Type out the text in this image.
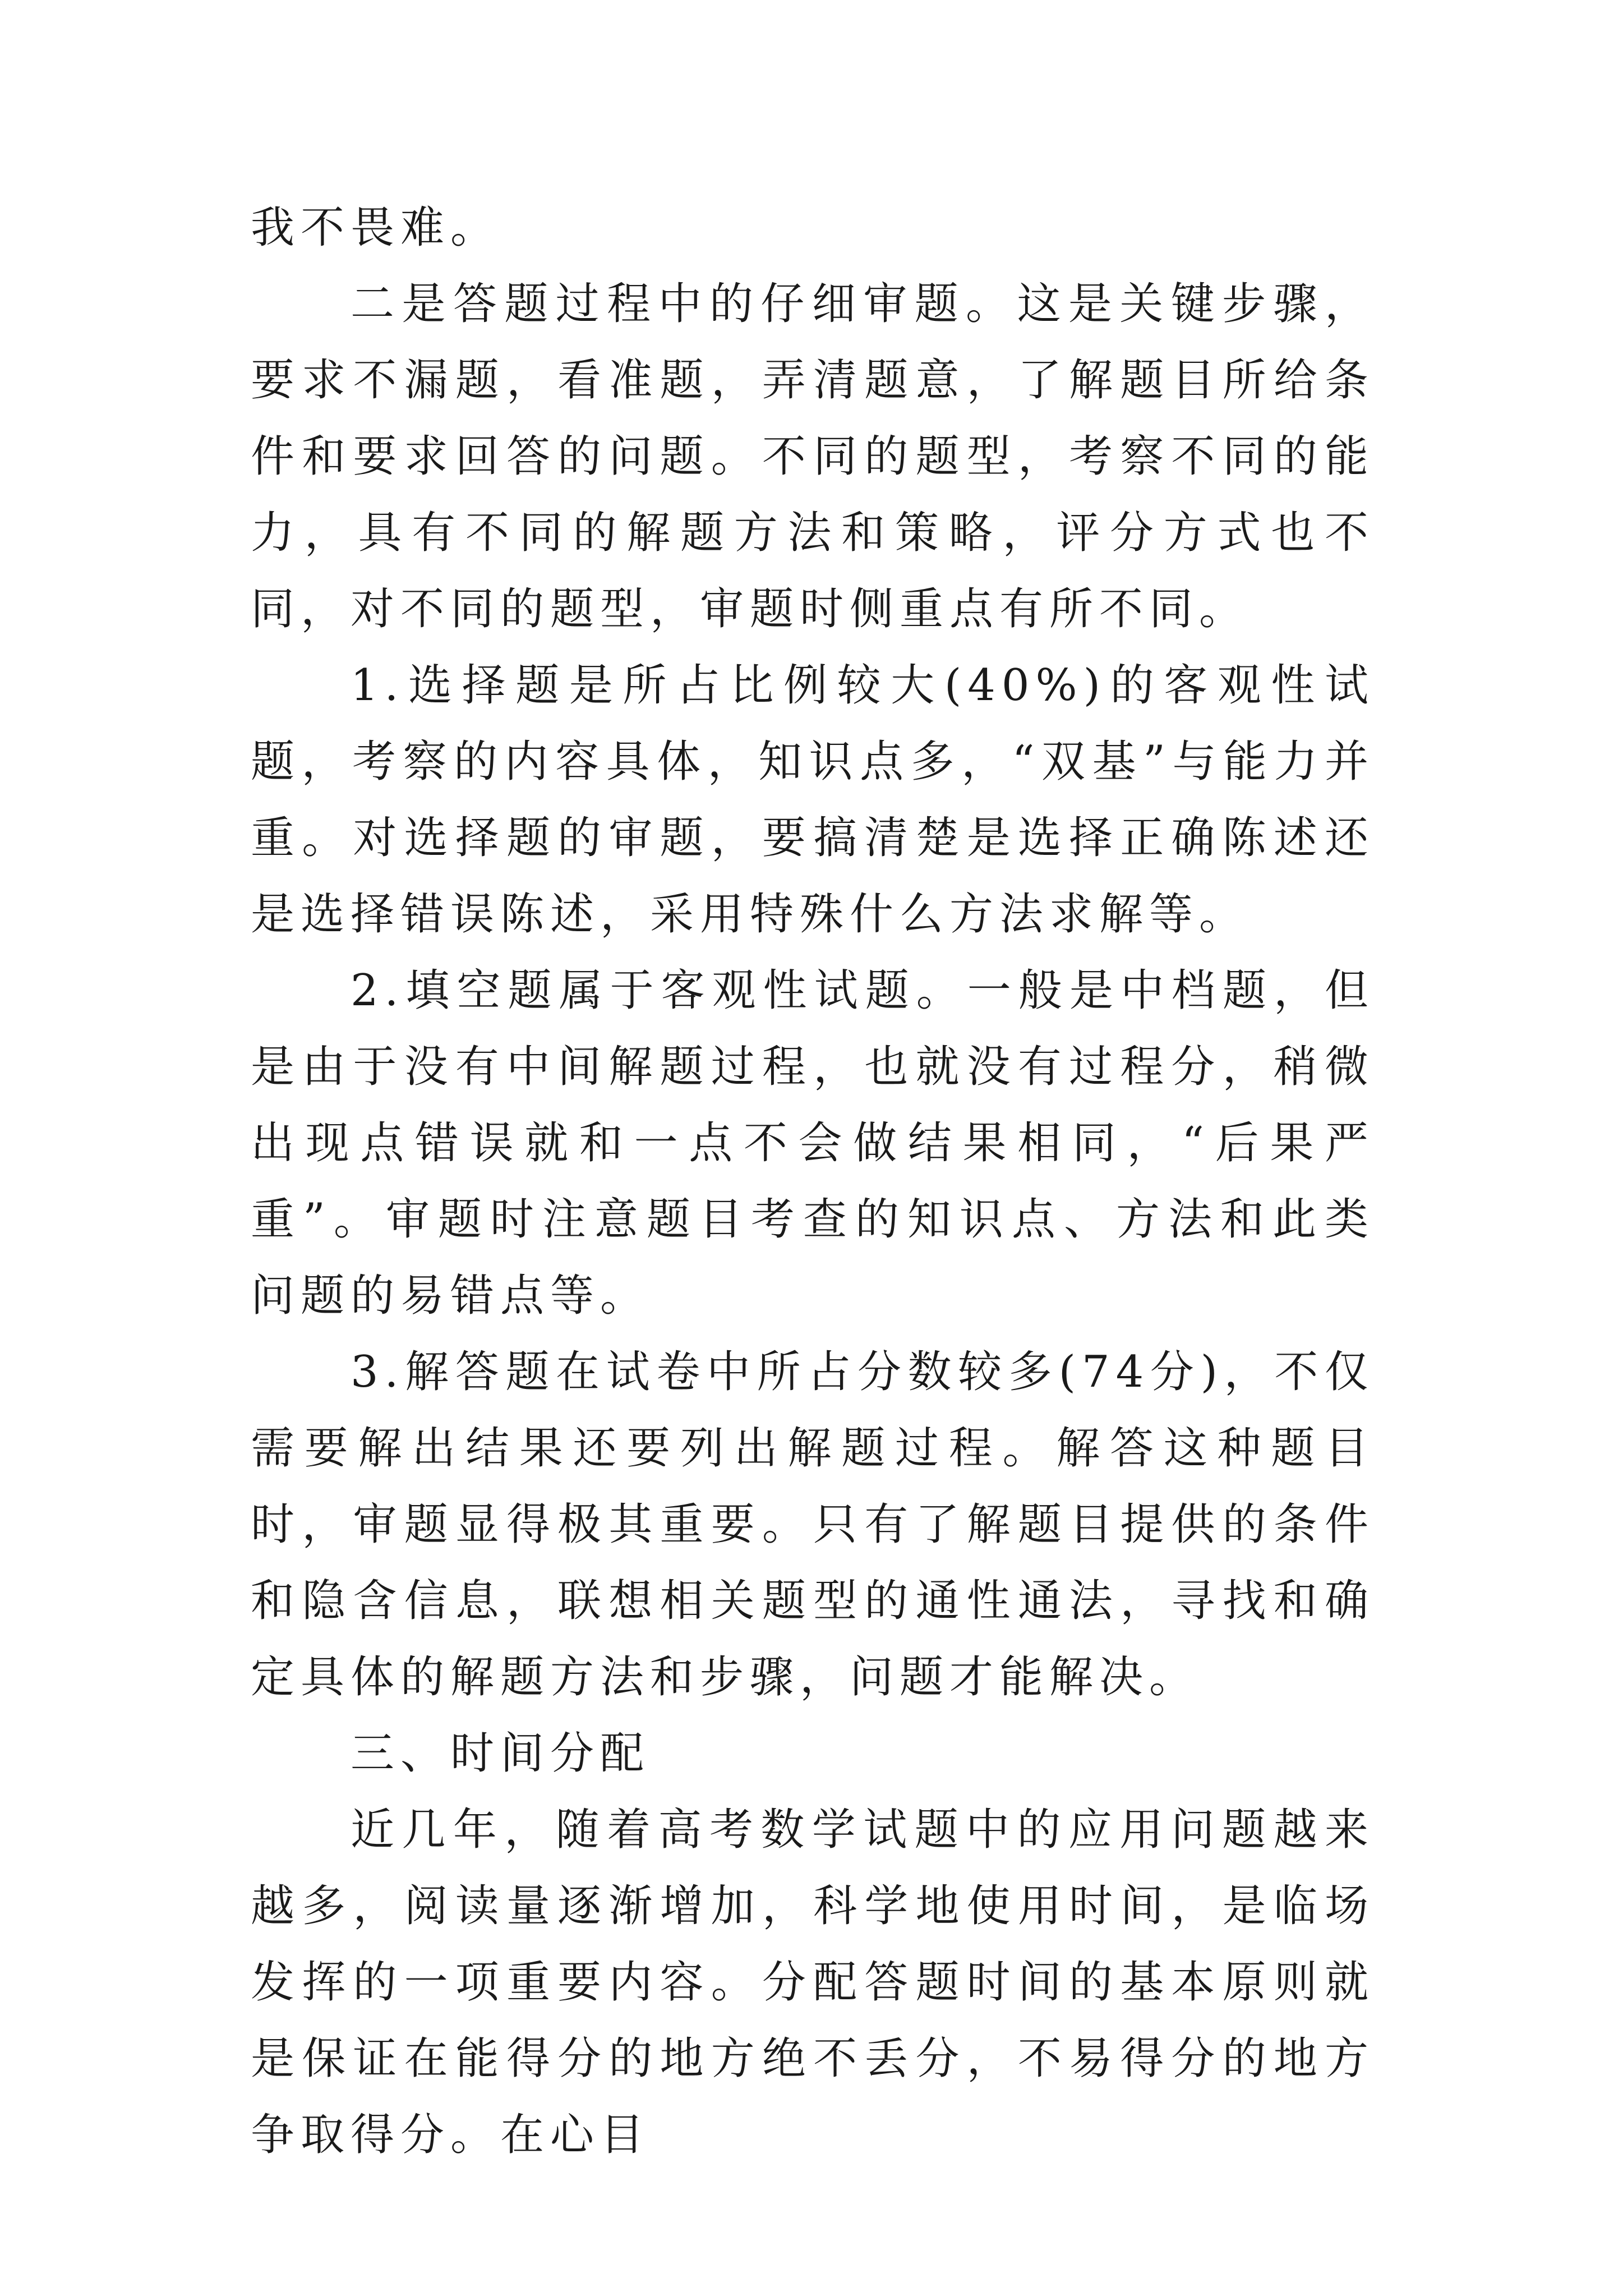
我不畏难。

二是答题过程中的仔细审题。这是关键步骤，要求不漏题，看准题，弄清题意，了解题目所给条件和要求回答的问题。不同的题型，考察不同的能力，具有不同的解题方法和策略，评分方式也不同，对不同的题型，审题时侧重点有所不同。

1.选择题是所占比例较大(40%)的客观性试题，考察的内容具体，知识点多，“双基”与能力并重。对选择题的审题，要搞清楚是选择正确陈述还是选择错误陈述，采用特殊什么方法求解等。

2.填空题属于客观性试题。一般是中档题，但是由于没有中间解题过程，也就没有过程分，稍微出现点错误就和一点不会做结果相同，“后果严重”。审题时注意题目考查的知识点、方法和此类问题的易错点等。

3.解答题在试卷中所占分数较多(74分)，不仅需要解出结果还要列出解题过程。解答这种题目时，审题显得极其重要。只有了解题目提供的条件和隐含信息，联想相关题型的通性通法，寻找和确定具体的解题方法和步骤，问题才能解决。

三、时间分配

近几年，随着高考数学试题中的应用问题越来越多，阅读量逐渐增加，科学地使用时间，是临场发挥的一项重要内容。分配答题时间的基本原则就是保证在能得分的地方绝不丢分，不易得分的地方争取得分。在心目
